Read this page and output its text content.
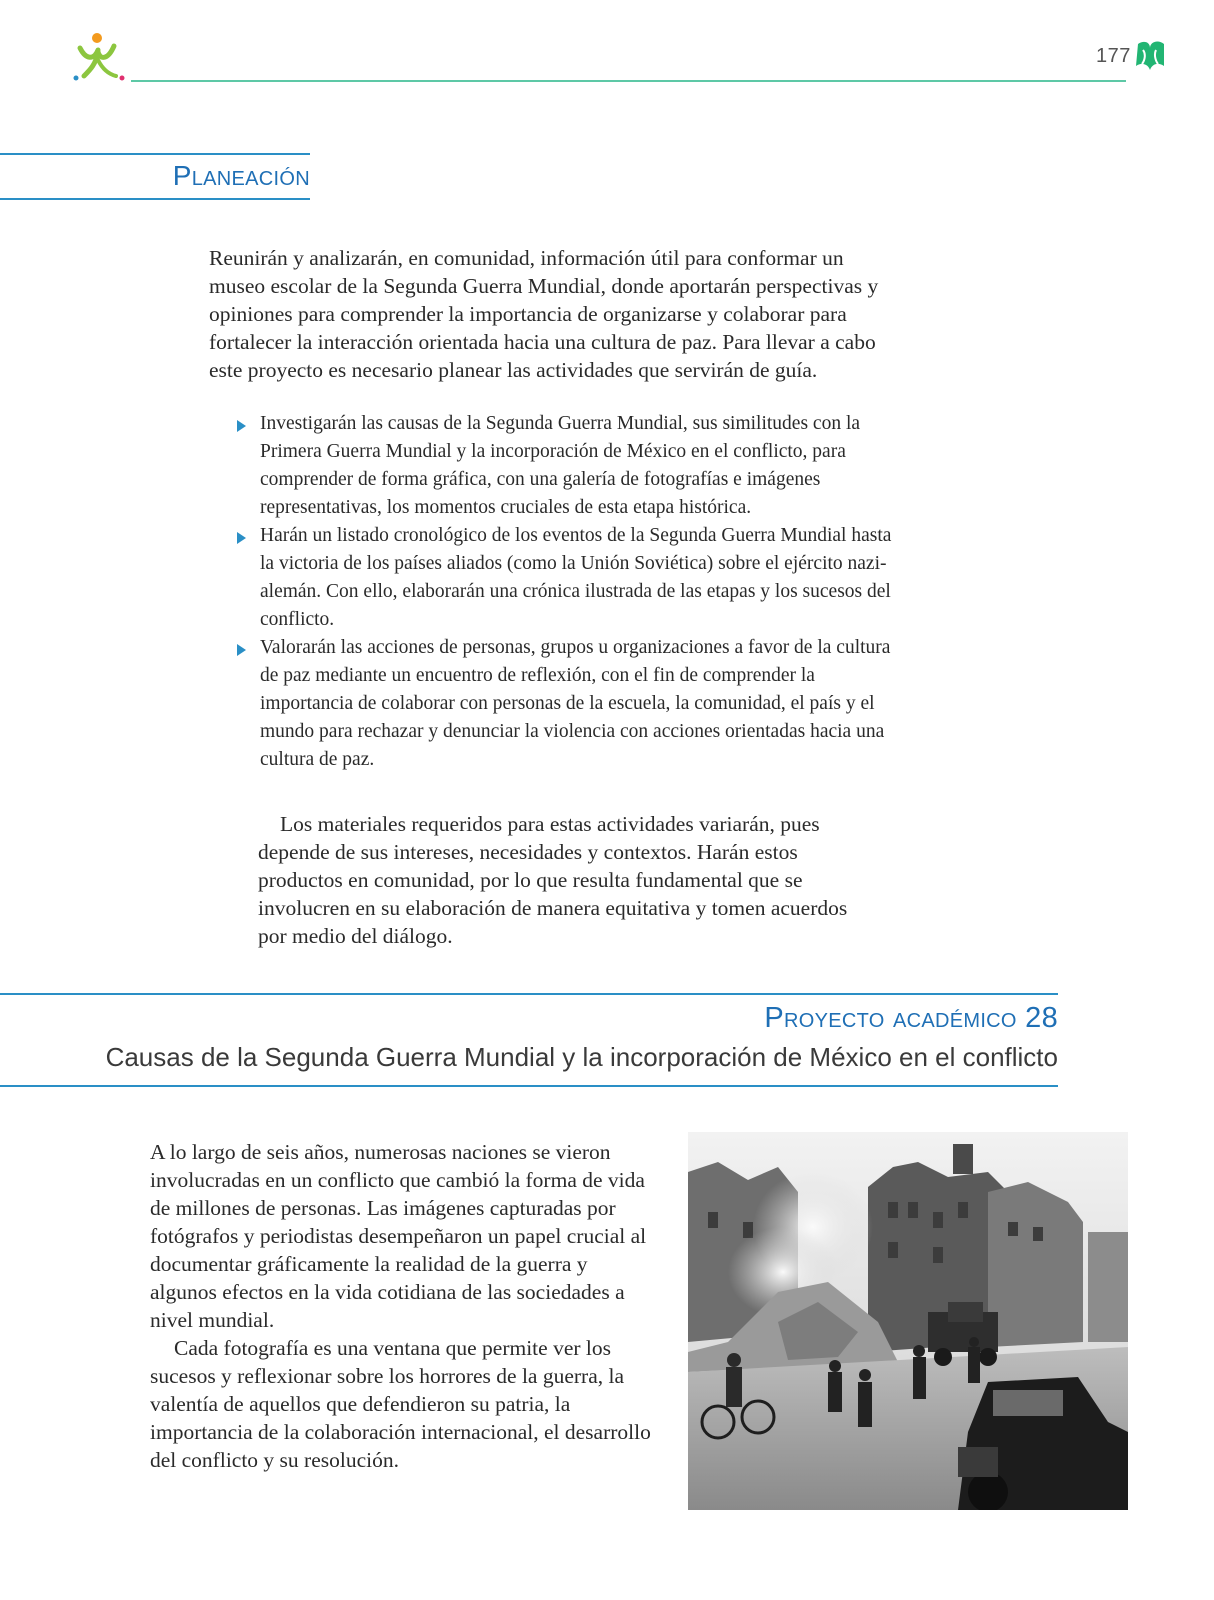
177
Planeación
Reunirán y analizarán, en comunidad, información útil para conformar un museo escolar de la Segunda Guerra Mundial, donde aportarán perspectivas y opiniones para comprender la importancia de organizarse y colaborar para fortalecer la interacción orientada hacia una cultura de paz. Para llevar a cabo este proyecto es necesario planear las actividades que servirán de guía.
Investigarán las causas de la Segunda Guerra Mundial, sus similitudes con la Primera Guerra Mundial y la incorporación de México en el conflicto, para comprender de forma gráfica, con una galería de fotografías e imágenes representativas, los momentos cruciales de esta etapa histórica.
Harán un listado cronológico de los eventos de la Segunda Guerra Mundial hasta la victoria de los países aliados (como la Unión Soviética) sobre el ejército nazi-alemán. Con ello, elaborarán una crónica ilustrada de las etapas y los sucesos del conflicto.
Valorarán las acciones de personas, grupos u organizaciones a favor de la cultura de paz mediante un encuentro de reflexión, con el fin de comprender la importancia de colaborar con personas de la escuela, la comunidad, el país y el mundo para rechazar y denunciar la violencia con acciones orientadas hacia una cultura de paz.
Los materiales requeridos para estas actividades variarán, pues depende de sus intereses, necesidades y contextos. Harán estos productos en comunidad, por lo que resulta fundamental que se involucren en su elaboración de manera equitativa y tomen acuerdos por medio del diálogo.
Proyecto académico 28
Causas de la Segunda Guerra Mundial y la incorporación de México en el conflicto

A lo largo de seis años, numerosas naciones se vieron involucradas en un conflicto que cambió la forma de vida de millones de personas. Las imágenes capturadas por fotógrafos y periodistas desempeñaron un papel crucial al documentar gráficamente la realidad de la guerra y algunos efectos en la vida cotidiana de las sociedades a nivel mundial.

Cada fotografía es una ventana que permite ver los sucesos y reflexionar sobre los horrores de la guerra, la valentía de aquellos que defendieron su patria, la importancia de la colaboración internacional, el desarrollo del conflicto y su resolución.
